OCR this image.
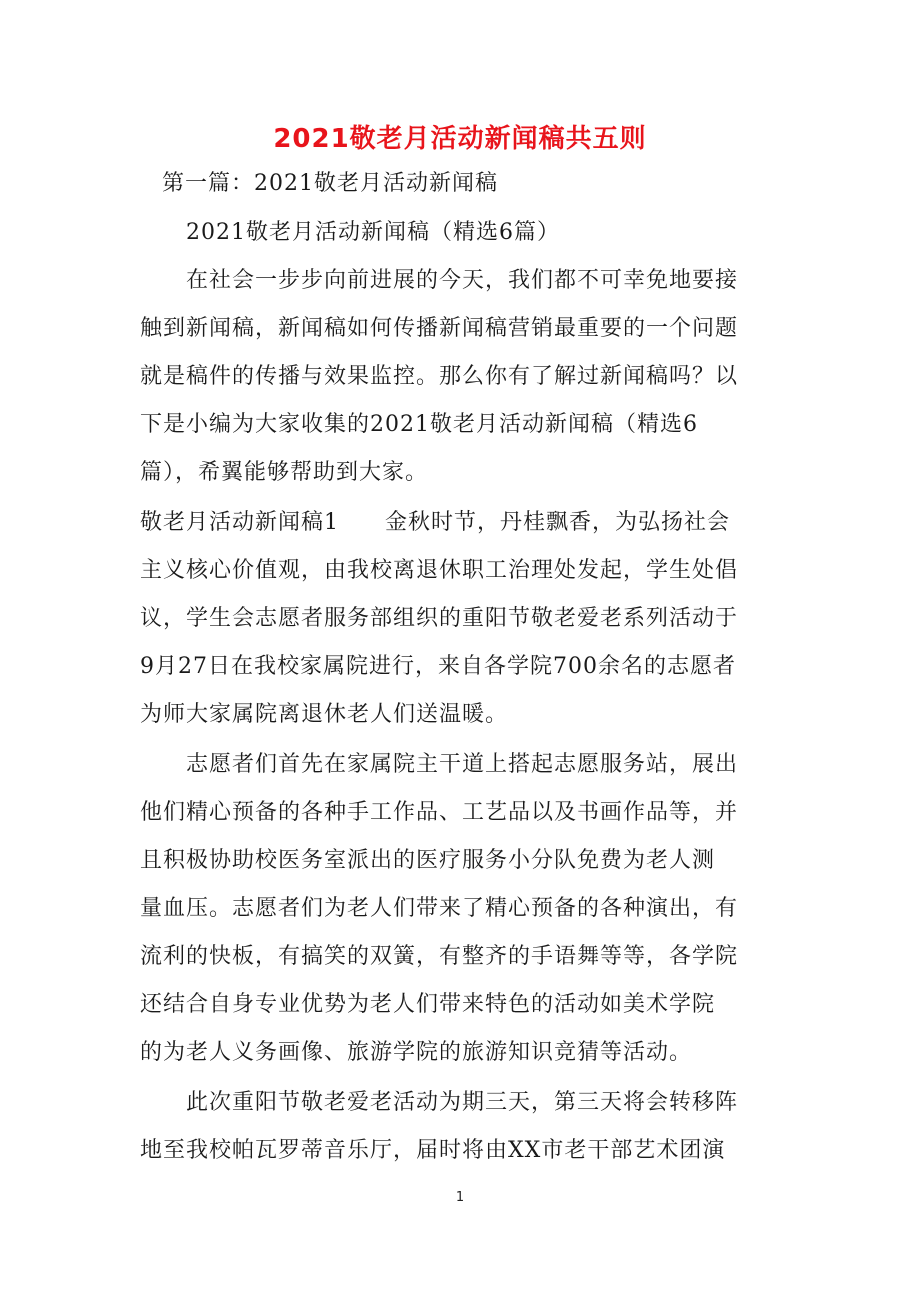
2021敬老月活动新闻稿共五则
第一篇：2021敬老月活动新闻稿
2021敬老月活动新闻稿（精选6篇）
在社会一步步向前进展的今天，我们都不可幸免地要接
触到新闻稿，新闻稿如何传播新闻稿营销最重要的一个问题
就是稿件的传播与效果监控。那么你有了解过新闻稿吗？以
下是小编为大家收集的2021敬老月活动新闻稿（精选6
篇），希翼能够帮助到大家。
敬老月活动新闻稿1　　金秋时节，丹桂飘香，为弘扬社会
主义核心价值观，由我校离退休职工治理处发起，学生处倡
议，学生会志愿者服务部组织的重阳节敬老爱老系列活动于
9月27日在我校家属院进行，来自各学院700余名的志愿者
为师大家属院离退休老人们送温暖。
志愿者们首先在家属院主干道上搭起志愿服务站，展出
他们精心预备的各种手工作品、工艺品以及书画作品等，并
且积极协助校医务室派出的医疗服务小分队免费为老人测
量血压。志愿者们为老人们带来了精心预备的各种演出，有
流利的快板，有搞笑的双簧，有整齐的手语舞等等，各学院
还结合自身专业优势为老人们带来特色的活动如美术学院
的为老人义务画像、旅游学院的旅游知识竞猜等活动。
此次重阳节敬老爱老活动为期三天，第三天将会转移阵
地至我校帕瓦罗蒂音乐厅，届时将由XX市老干部艺术团演
1
